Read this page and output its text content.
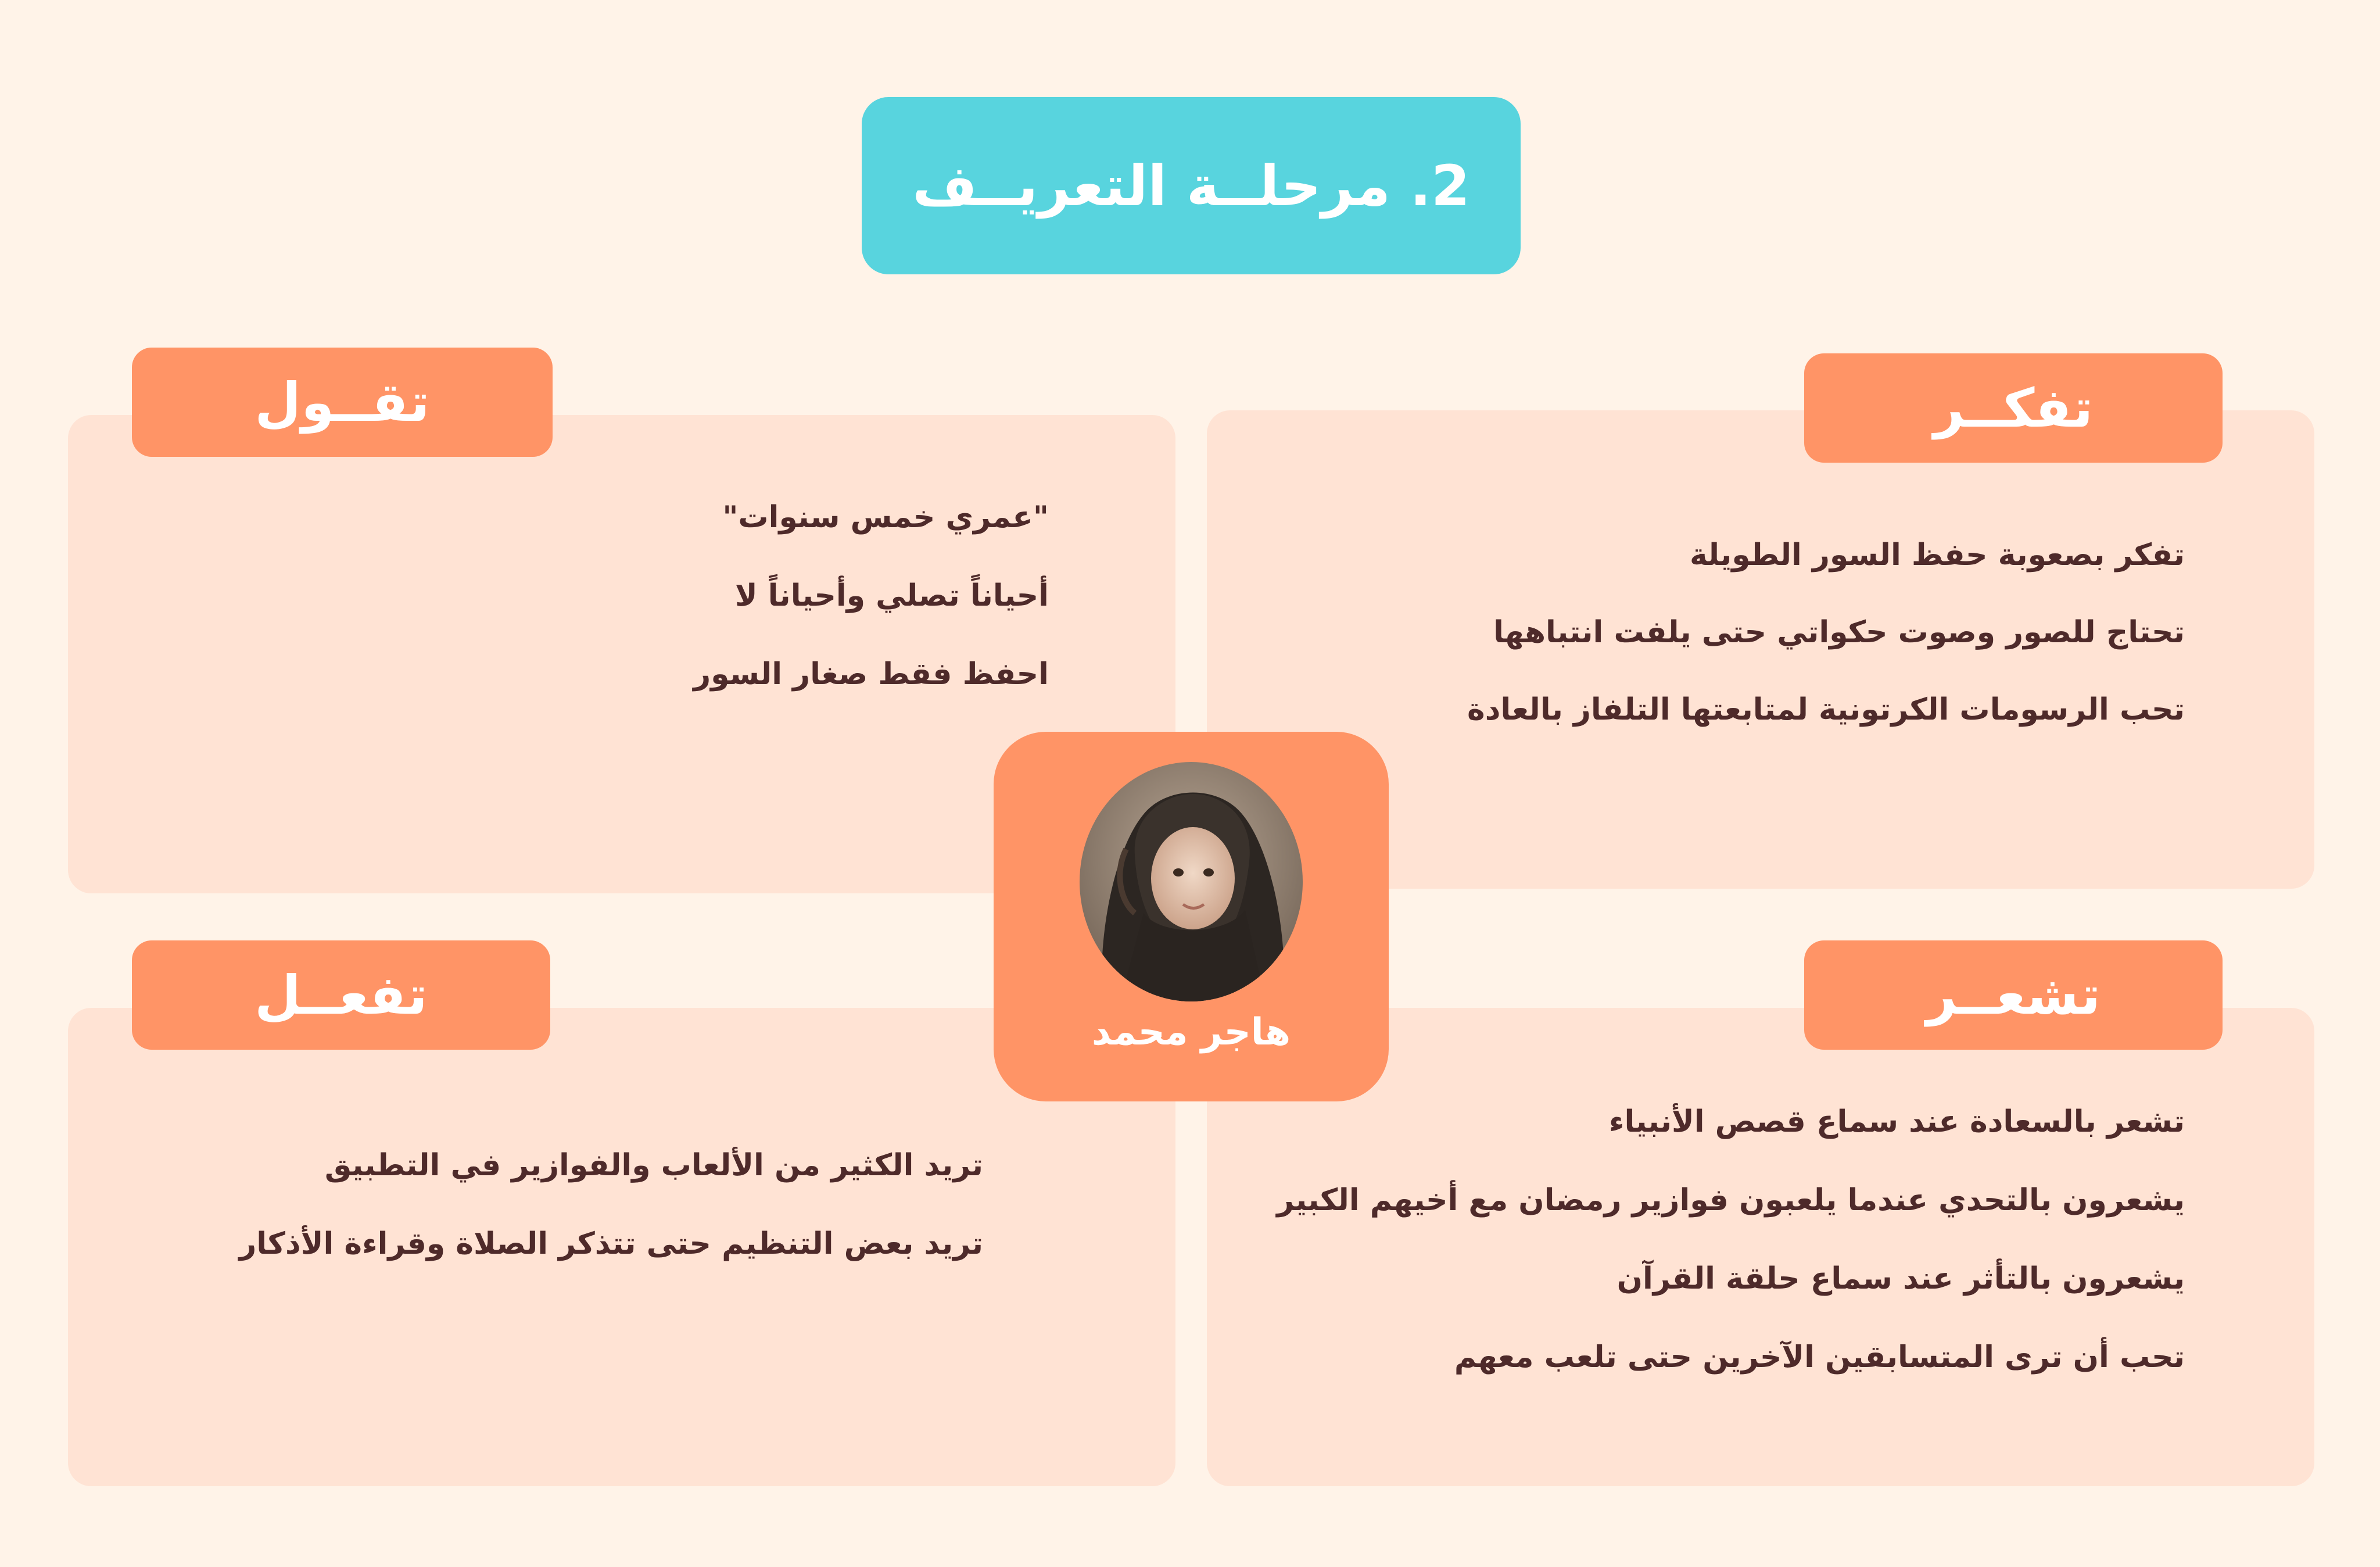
2. مرحلــة التعريــف
تقــول	تفكــر
تفعــل	تشعــر
"عمري خمس سنوات"
أحياناً تصلي وأحياناً لا
احفظ فقط صغار السور
تفكر بصعوبة حفظ السور الطويلة
تحتاج للصور وصوت حكواتي حتى يلفت انتباهها
تحب الرسومات الكرتونية لمتابعتها التلفاز بالعادة
تريد الكثير من الألعاب والفوازير في التطبيق
تريد بعض التنظيم حتى تتذكر الصلاة وقراءة الأذكار
تشعر بالسعادة عند سماع قصص الأنبياء
يشعرون بالتحدي عندما يلعبون فوازير رمضان مع أخيهم الكبير
يشعرون بالتأثر عند سماع حلقة القرآن
تحب أن ترى المتسابقين الآخرين حتى تلعب معهم
هاجر محمد
